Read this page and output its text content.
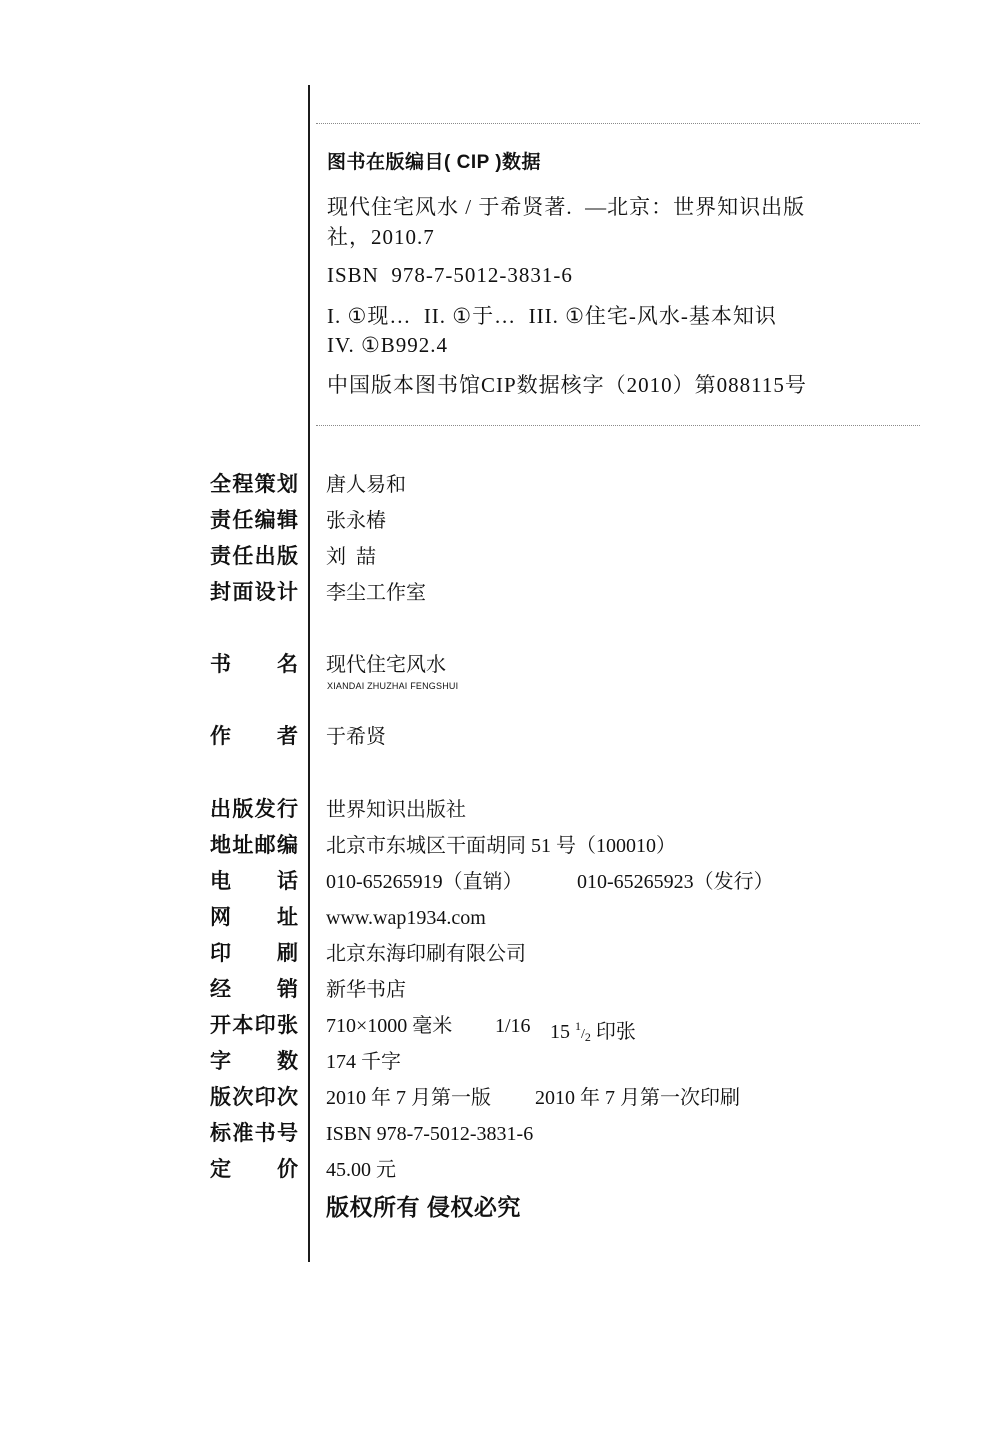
图书在版编目( CIP )数据
现代住宅风水 / 于希贤著.  —北京：世界知识出版
社，2010.7
ISBN  978-7-5012-3831-6
I. ①现…  II. ①于…  III. ①住宅-风水-基本知识
IV. ①B992.4
中国版本图书馆CIP数据核字（2010）第088115号
全程策划 唐人易和
责任编辑 张永椿
责任出版 刘  喆
封面设计 李尘工作室
书 名 现代住宅风水
XIANDAI ZHUZHAI FENGSHUI
作 者 于希贤
出版发行 世界知识出版社
地址邮编 北京市东城区干面胡同 51 号（100010）
电 话 010-65265919（直销）	010-65265923（发行）
网 址 www.wap1934.com
印 刷 北京东海印刷有限公司
经 销 新华书店
开本印张 710×1000 毫米 1/16 15 $^1/_2$ 印张
字 数 174 千字
版次印次 2010 年 7 月第一版 2010 年 7 月第一次印刷
标准书号 ISBN 978-7-5012-3831-6
定 价 45.00 元
版权所有 侵权必究
